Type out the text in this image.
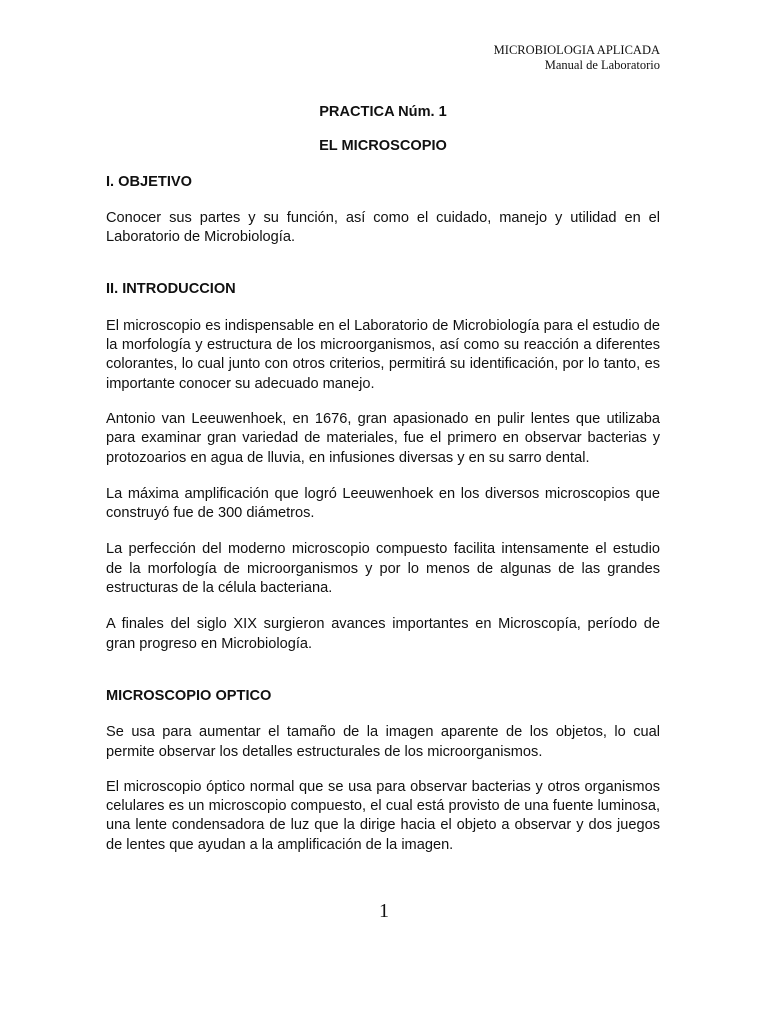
MICROBIOLOGIA APLICADA
Manual de Laboratorio

PRACTICA Núm. 1

EL MICROSCOPIO

I. OBJETIVO

Conocer sus partes y su función, así como el cuidado, manejo y utilidad en el Laboratorio de Microbiología.

II. INTRODUCCION

El microscopio es indispensable en el Laboratorio de Microbiología para el estudio de la morfología y estructura de los microorganismos, así como su reacción a diferentes colorantes, lo cual junto con otros criterios, permitirá su identificación, por lo tanto, es importante conocer su adecuado manejo.

Antonio van Leeuwenhoek, en 1676, gran apasionado en pulir lentes que utilizaba para examinar gran variedad de materiales, fue el primero en observar bacterias y protozoarios en agua de lluvia, en infusiones diversas y en su sarro dental.

La máxima amplificación que logró Leeuwenhoek en los diversos microscopios que construyó fue de 300 diámetros.

La perfección del moderno microscopio compuesto facilita intensamente el estudio de la morfología de microorganismos y por lo menos de algunas de las grandes estructuras de la célula bacteriana.

A finales del siglo XIX surgieron avances importantes en Microscopía, período de gran progreso en Microbiología.

MICROSCOPIO OPTICO

Se usa para aumentar el tamaño de la imagen aparente de los objetos, lo cual permite observar los detalles estructurales de los microorganismos.

El microscopio óptico normal que se usa para observar bacterias y otros organismos celulares es un microscopio compuesto, el cual está provisto de una fuente luminosa, una lente condensadora de luz que la dirige hacia el objeto a observar y dos juegos de lentes que ayudan a la amplificación de la imagen.

1
